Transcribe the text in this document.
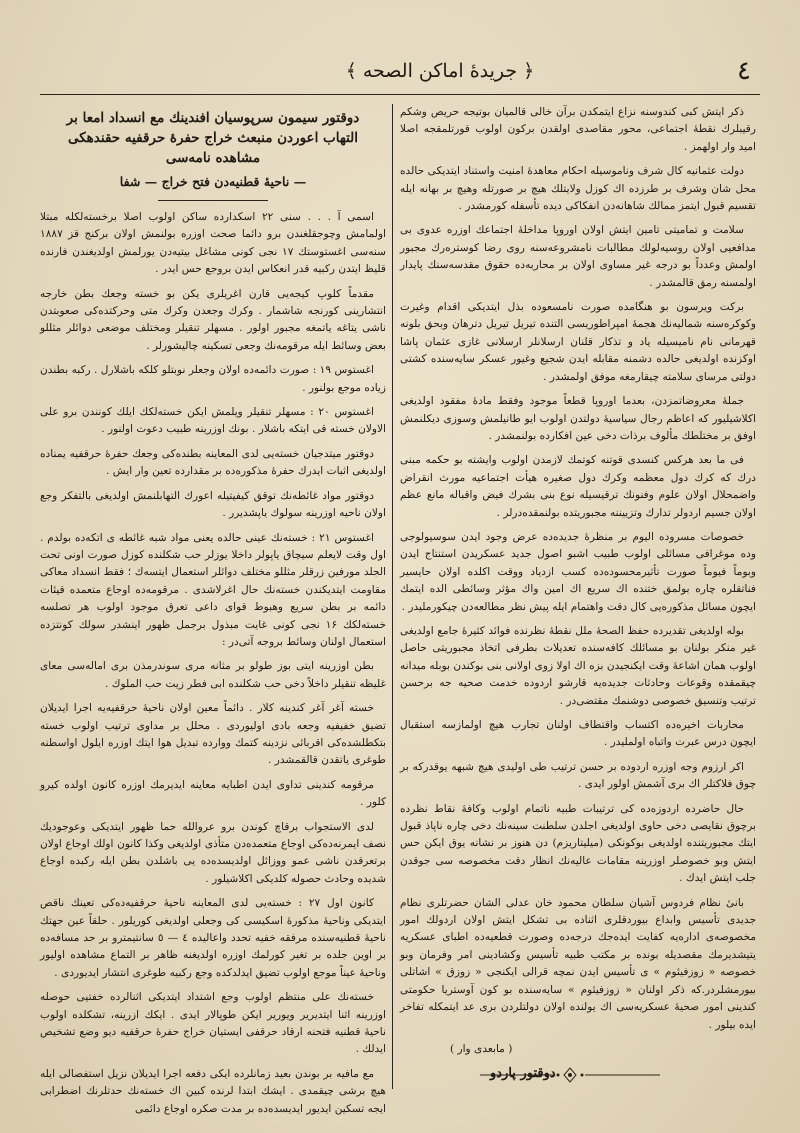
٤
﴿ جريدهٔ اماكن الصحه ﴾

ذكر ایتش كبی كندوسنه نزاع ایتمكدن برآن خالی قالمیان بوتیجه حریص وشكم رقیبلرك نقطهٔ اجتماعی، محور مقاصدی اولقدن بركون اولوب قورتلمقجه اصلا امید وار اولهمز .

دولت عثمانیه كال شرف وناموسیله احكام معاهدهٔ امنیت واستناد ایتدیكی حالده محل شان وشرف بر طرزده اك كوزل ولایتلك هیچ بر صورتله وهیچ بر بهانه ایله تقسیم قبول ایتمز ممالك شاهانه‌دن انفكاكی دیده تأسفله كورمشدر .

سلامت و تمامیتی تامین ایتش اولان اوروپا مداخلهٔ اجتماعك اوزره عدوی بی مدافعیی اولان روسیه‌لولك مطالبات نامشروعه‌سنه روی رضا كوستره‌رك مجبور اولمش وعدداً بو درجه غیر مساوی اولان بر محاربه‌ده حقوق مقدسه‌سنك پایدار اولمسنه رمق قالمشدر .

بركت ویرسون بو هنگامده صورت نامسعوده بذل ایتدیكی اقدام وغیرت وكوكره‌سنه شمالیه‌نك هجمهٔ امپراطوریسی التنده تیریل تیریل دترهان وبحق بلونه قهرمانی نام نامیسیله یاد و تذكار قلنان ارسلانلر ارسلانی غازی عثمان پاشا اوكزنده اولدیغی حالده دشمنه مقابله ایدن شجیع وغیور عسكر سایه‌سنده كشتی دولتی مرسای سلامته چیقارمغه موفق اولمشدر .

جملهٔ معروضاتمزدن، بعدما اوروپا قطعاً موجود وفقط مادهٔ مفقود اولدیغی اكلاشیلیور كه اعاظم رجال سیاسیهٔ دولتدن اولوب ایو طانیلمش وسوزی دیكلنمش اوفق بر مختلطك مألوف برذات دخی عین افكارده بولنمشدر .

فی ما بعد هركس كنسدی قوتنه كوتمك لازمدن اولوب وایشته بو حكمه مبنی درك كه كرك دول معظمه وكرك دول صغیره هیأت اجتماعیه مورث انقراض واضمحلال اولان علوم وفنونك ترقیسیله نوع بنی بشرك فیض واقباله مانع عظم اولان جسیم اردولر تدارك وتزییننه مجبوریتده بولنمقده‌درلر .

خصوصات مسروده الیوم بر منظرهٔ جدیده‌ده عرض وجود ایدن سوسیولوجی وده موغرافی مسائلی اولوب طبیب اشبو اصول جدید عسكریدن استنتاج ایدن وبوماً فیوماً صورت تأثیرمحسوده‌ده كسب ازدیاد ووقت اكلده اولان حایسیر فناتقلره چاره بولمق ختنده اك سریع اك امین واك مؤثر وسائطی الده ایتمك ایچون مسائل مذكوره‌یی كال دقت واهتمام ایله پیش نظر مطالعه‌دن چیكورملیدر .

بوله اولدیغی تقدیرده حفظ الصحهٔ ملل نقطهٔ نظرنده فوائد كثیرهٔ جامع اولدیغی غیر منكر بولنان بو مسائلك كافه‌سنده تعدیلات بطرفی اتخاذ مجبوریتی حاصل اولوب همان اشاعهٔ وقت ایكنجیدن بزه اك اولا زوی اولانی بنی بوكندن بوبله میدانه چیقمقده وقوعات وحادثات جدیده‌یه قارشو اردوده خدمت صحیه جه برحسن ترتیب وتنسیق خصوصی دوشنمك مقتضی‌در .

محاربات اخیره‌ده اكتساب واقتطاف اولنان تجارب هیچ اولمازسه استقبال ایچون درس عبرت واتباه اولملیدر .

اكر ارزوم وجه اوزره اردوده بر حسن ترتیب طی اولیدی هیچ شبهه یوقدركه بر چوق فلاكتلر اك برى آشمش اولور ایدی .

حال حاضرده اردوزه‌ده كی ترتیبات طبیه ناتمام اولوب وكافهٔ نقاط نظرده برچوق نقایصی دخی حاوی اولدیغی اجلدن سلطنت سینه‌نك دخی چاره ناپاذ قبول ایتك مجبوریتنده اولدیغی بوكونكی (میلیتاریزم) دن هنوز بر نشانه یوق ایكن حس ایتش وبو خصوصلر اوزرینه مقامات عالیه‌نك انظار دقت مخصوصه سی جوقدن جلب ایتش ایدك .

بانیٔ نظام فردوس آشیان سلطان محمود خان عدلی الشان حضرتلری نظام جدیدی تأسیس وابداع بیوردقلری اثناده بی تشكل ایتش اولان اردولك امور مخصوصه‌ی اداره‌یه كفایت ایده‌جك درجه‌ده وصورت قطعیه‌ده اطبای عسكریه یتیشدیرمك مقصدیله بونده بر مكتب طبیه تأسیس وكشادینی امر وفرمان وبو خصوصه « زوزفیئوم » ی تأسیس ایدن نمچه قرالی ایكنجی « زوزق » اشاتلی بیورمشلردر.كه ذكر اولنان « زوزفیئوم » سایه‌سنده بو كون آوستریا حكومتی كندینی امور صحیهٔ عسكریه‌سی اك یولنده اولان دولتلردن بری عد ایتمكله تفاخر ایده بیلور .

( مابعدی وار )

دوقتور پاردو

دوقتور سیمون سرپوسیان افندینك مع انسداد امعا بر التهاب اعوردن منبعث خراج حفرهٔ حرقفیه حقندهكی مشاهده نامه‌سی

— ناحیهٔ قطنیه‌دن فتح خراج — شفا

اسمی آ . . . سنی ۲۲ اسكدارده ساكن اولوب اصلا برخسته‌لكله مبتلا اولمامش وچوجقلغندن برو دائما صحت اوزره بولنمش اولان بركنج قز ۱۸۸۷ سنه‌سی اغستوستك ۱۷ نجی كونی مشاغل بیتیه‌دن یورلمش اولدیغندن فارنده قلیظ ایتدن ركبیه قدر انعكاس ایدن بروجع حس ایدر .

مقدماً كلوپ كیجه‌یی قارن اغریلری یكن بو خسته وجعك بطن خارجه انتشارینی كورنجه شاشمار . وكرك وجعدن وكرك متی وحركتده‌كی صعوبتدن ناشی یتاغه یاتمغه مجبور اولور . مسهلر تنقیلر ومختلف موضعی دوائلر مثللو بعض وسائط ایله مرقومه‌نك وجعی تسكینه چالیشورلر .

اغستوس ۱۹ : صورت دائمه‌ده اولان وجعلر نوبتلو كلكه باشلارل . ركبه بطندن زیاده موجع بولنور .

اغستوس ۲۰ : مسهلر تنقیلر ویلمش ایكن خسته‌لكك ایلك كونندن برو علی الاولان خسته قی ایتكه باشلار . بونك اوزرینه طبیب دعوت اولنور .

دوقتور میتدجیان خسته‌یی لدی المعاینه بطنده‌كی وجعك حفرهٔ حرقفیه یمناده اولدیغی اثبات ایدرك حفرهٔ مذكوره‌ده بر مقدارده تعین وار ایش .

دوقتور مواد غائطه‌نك توقق كیفیتیله اعورك التهابلنمش اولدیغی بالتفكر وجع اولان ناحیه اوزرینه سولوك یاپشدیرر .

اغستوس ۲۱ : خسته‌نك عینی حالده یعنی مواد شبه غائطه ‌ی اتكه‌ده بولدم . اول وقت لایعلم سیچاق یاپولر داخلا یوزلر حب شكلنده كوزل صورت اونی تحت الجلد مورفین زرقلر مثللو مختلف دوائلر استعمال ایتسه‌ك ؛ فقط انسداد معاكی مقاومت ایتدیكندن خسته‌نك حال اغرلاشدی . مرقومه‌ده اوجاع متعمده قیئات دائمه بر بطن سریع وهبوط قوای داعی تعرق موجود اولوب هر تصلسه خسته‌لكك ۱۶ نجی كونی غایت مبذول برجمل ظهور اینشدر سولك كونتزده استعمال اولنان وسائط بروجه آتی‌در :

بطن اوزرینه ایتی بوز طولو بر مثانه مرى سوندرمذن بری اماله‌سی معای غلیظه تنقیلر داخلاً دخی حب شكلنده ابی فطر زیت حب الملوك .

خسته آغر آغر كندینه كلار . دائماً معین اولان ناحیهٔ حرقفیه‌یه اجرا ایدیلان تضیق خفیفیه وجعه بادی اولیوردی . محلل بر مداوی ترتیب اولوب خسته بتكطلشده‌كی اقربائی نزدینه كتمك ووارده تبدیل هوا ایتك اوزره ایلول اواسطنه طوغری یاتقدن قالقمشدر .

مرقومه كندینی تداوی ایدن اطبایه معاینه ایدیرمك اوزره كانون اولده كیرو كلور .

لدی الاستجواب برقاچ كوندن برو عروالله حما ظهور ایتدیكی وعوجودیك نصف ایمرنه‌ده‌كی اوجاع متعمده‌دن متأذی اولدیغی وكذا كانون اولك اوجاع اولان برتعرقدن ناشی عمو ووزائل اولدیسده‌ده یی باشلدن بطن ایله ركبده اوجاع شدیده وحادث حصوله كلدیكی اكلاشیلور .

كانون اول ۲۷ : خسته‌یی لدی المعاینه ناحیهٔ حرقفیه‌ده‌كی تعینك ناقص ایتدیكی وناحیهٔ مذكورهٔ اسكیسی كی وجعلی اولدیغی كوریلور . حلقاً عین جهتك ناحیهٔ قطنیه‌سنده مرفقه خفیه تحدد واعالیده ٤ — ٥ سانتیمترو بر حد مسافه‌ده بر اوین جلده بر تغیر كورلمك اوزره اولدیغنه ظاهر بر التماع مشاهده اولیور وناحیهٔ عیناً موجع اولوب تضیق ایدلدكده وجع ركبیه طوغری انتشار ایدیوردی .

خسته‌نك علی منتظم اولوب وجع اشتداد ایتدیكی اثنالرده خفتیی حوصله اوزرینه اثنا ایتدیریر ویوریر ایكن طوپالار ایدی . ایكك ازرینه، تشكلده اولوب ناحیهٔ قطنیه فتحنه ارقاد حرقفی ایستیان خراج حفرهٔ حرقفیه دیو وضع تشخیص ایدلك .

مع مافیه بر بوندن بعید زمانلرده ایكی دفعه اجرا ایدیلان نزیل استفصالی ایله هیچ برشی چیقمدی . ایشك ابتدا لرنده كبین اك خسته‌نك حدتلرنك اضطرابی ایجه تسكین ایدیور ایدیسده‌ده بر مدت صكره اوجاع دائمی
